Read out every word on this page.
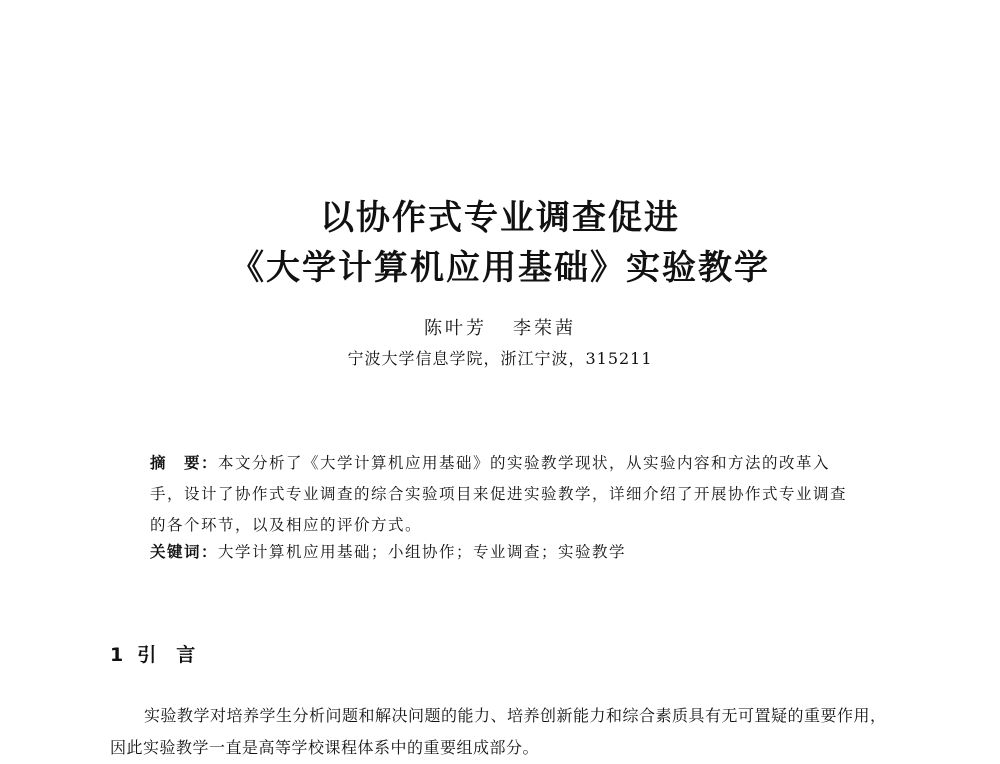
以协作式专业调查促进
《大学计算机应用基础》实验教学
陈叶芳 李荣茜
宁波大学信息学院，浙江宁波，315211
摘　要：本文分析了《大学计算机应用基础》的实验教学现状，从实验内容和方法的改革入手，设计了协作式专业调查的综合实验项目来促进实验教学，详细介绍了开展协作式专业调查的各个环节，以及相应的评价方式。
关键词：大学计算机应用基础；小组协作；专业调查；实验教学
1 引言
实验教学对培养学生分析问题和解决问题的能力、培养创新能力和综合素质具有无可置疑的重要作用，因此实验教学一直是高等学校课程体系中的重要组成部分。
